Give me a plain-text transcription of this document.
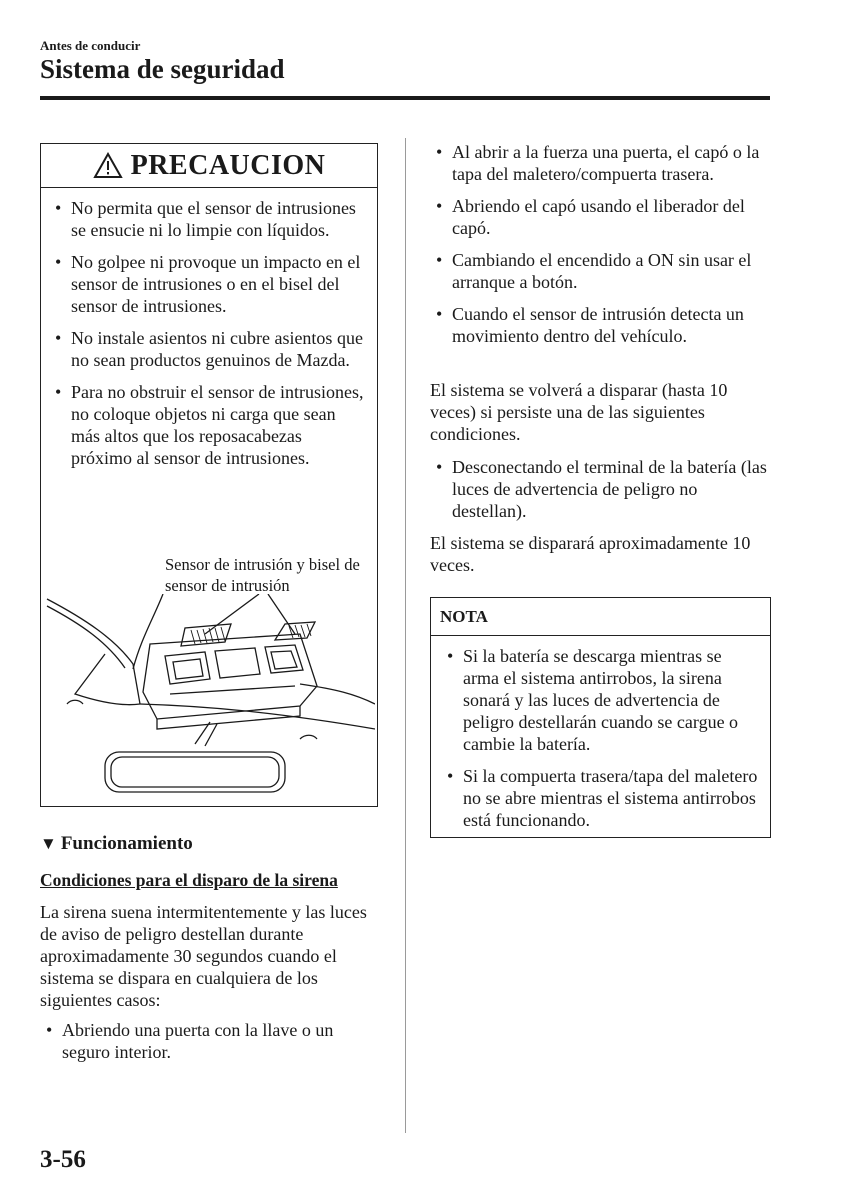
Antes de conducir
Sistema de seguridad
PRECAUCION
• No permita que el sensor de intrusiones se ensucie ni lo limpie con líquidos.
• No golpee ni provoque un impacto en el sensor de intrusiones o en el bisel del sensor de intrusiones.
• No instale asientos ni cubre asientos que no sean productos genuinos de Mazda.
• Para no obstruir el sensor de intrusiones, no coloque objetos ni carga que sean más altos que los reposacabezas próximo al sensor de intrusiones.
Sensor de intrusión y bisel de sensor de intrusión
▼ Funcionamiento
Condiciones para el disparo de la sirena

La sirena suena intermitentemente y las luces de aviso de peligro destellan durante aproximadamente 30 segundos cuando el sistema se dispara en cualquiera de los siguientes casos:

• Abriendo una puerta con la llave o un seguro interior.
• Al abrir a la fuerza una puerta, el capó o la tapa del maletero/compuerta trasera.
• Abriendo el capó usando el liberador del capó.
• Cambiando el encendido a ON sin usar el arranque a botón.
• Cuando el sensor de intrusión detecta un movimiento dentro del vehículo.

El sistema se volverá a disparar (hasta 10 veces) si persiste una de las siguientes condiciones.

• Desconectando el terminal de la batería (las luces de advertencia de peligro no destellan).

El sistema se disparará aproximadamente 10 veces.

NOTA
• Si la batería se descarga mientras se arma el sistema antirrobos, la sirena sonará y las luces de advertencia de peligro destellarán cuando se cargue o cambie la batería.
• Si la compuerta trasera/tapa del maletero no se abre mientras el sistema antirrobos está funcionando.
3-56
